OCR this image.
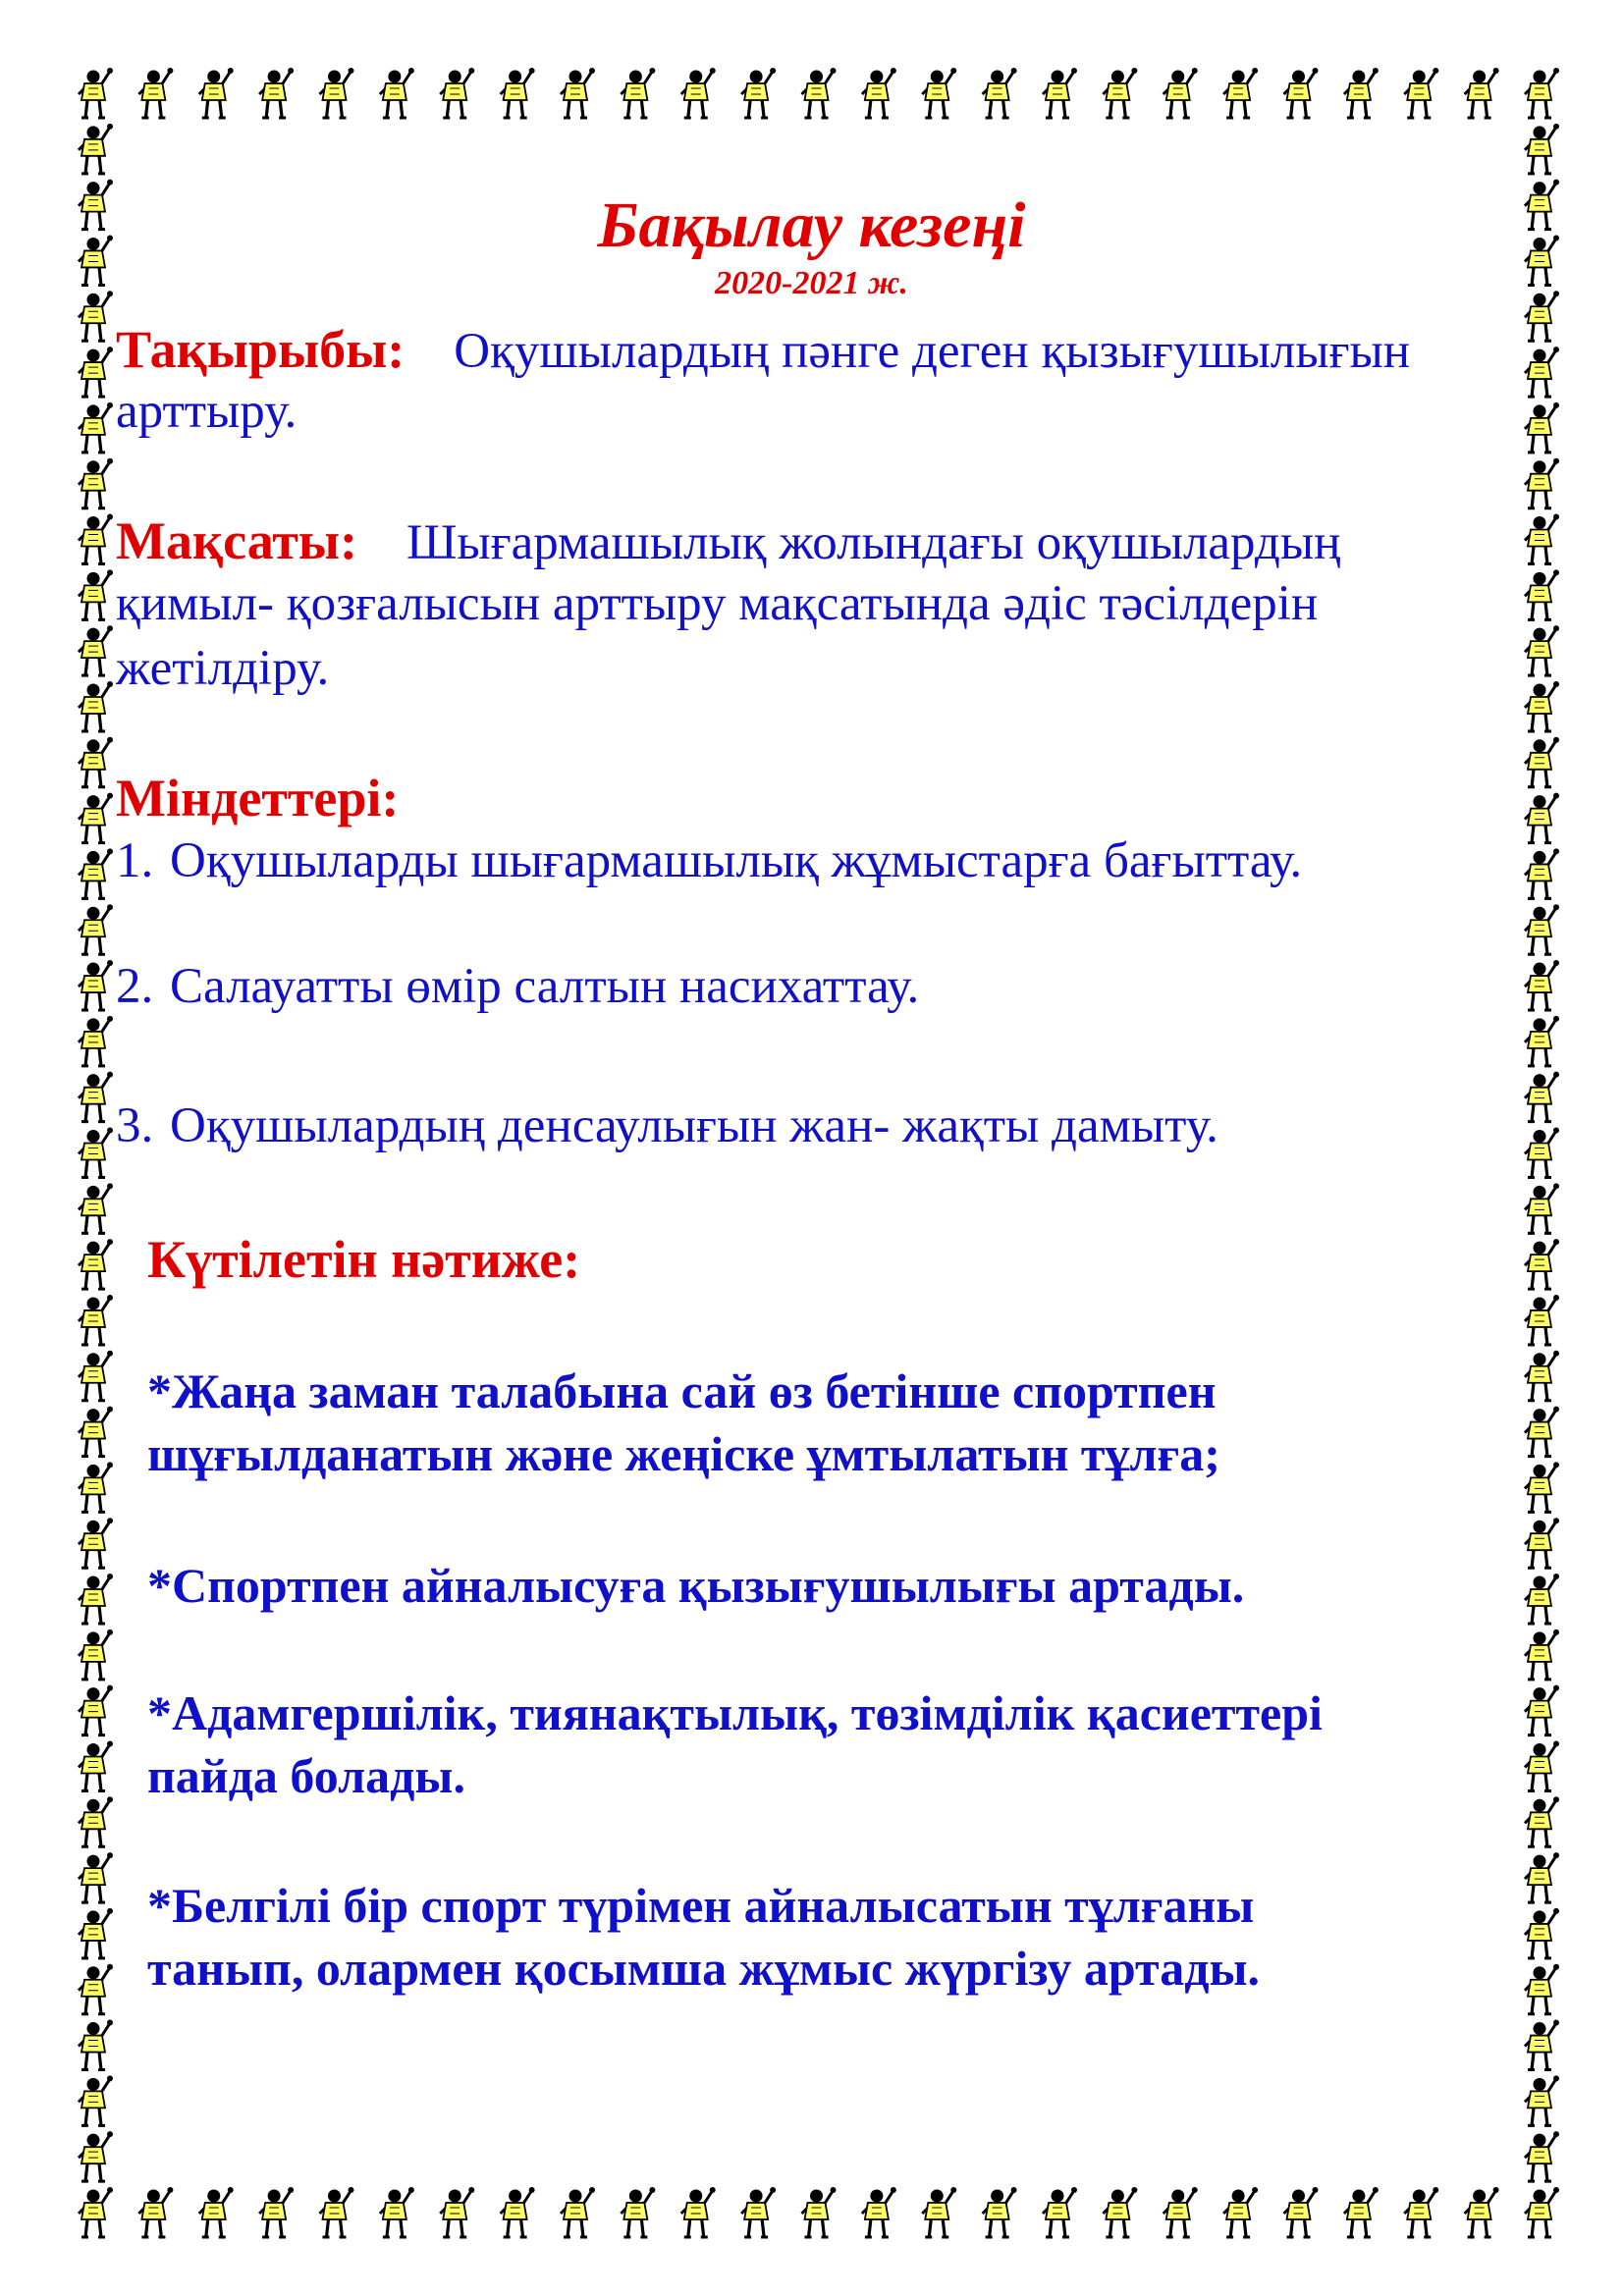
Бақылау кезеңі
2020-2021 ж.
Тақырыбы: Оқушылардың пәнге деген қызығушылығын
арттыру.
Мақсаты: Шығармашылық жолындағы оқушылардың
қимыл- қозғалысын арттыру мақсатында әдіс тәсілдерін
жетілдіру.
Міндеттері:
1. Оқушыларды шығармашылық жұмыстарға бағыттау.
2. Салауатты өмір салтын насихаттау.
3. Оқушылардың денсаулығын жан- жақты дамыту.
Күтілетін нәтиже:
*Жаңа заман талабына сай өз бетінше спортпен
шұғылданатын және жеңіске ұмтылатын тұлға;
*Спортпен айналысуға қызығушылығы артады.
*Адамгершілік, тиянақтылық, төзімділік қасиеттері
пайда болады.
*Белгілі бір спорт түрімен айналысатын тұлғаны
танып, олармен қосымша жұмыс жүргізу артады.
